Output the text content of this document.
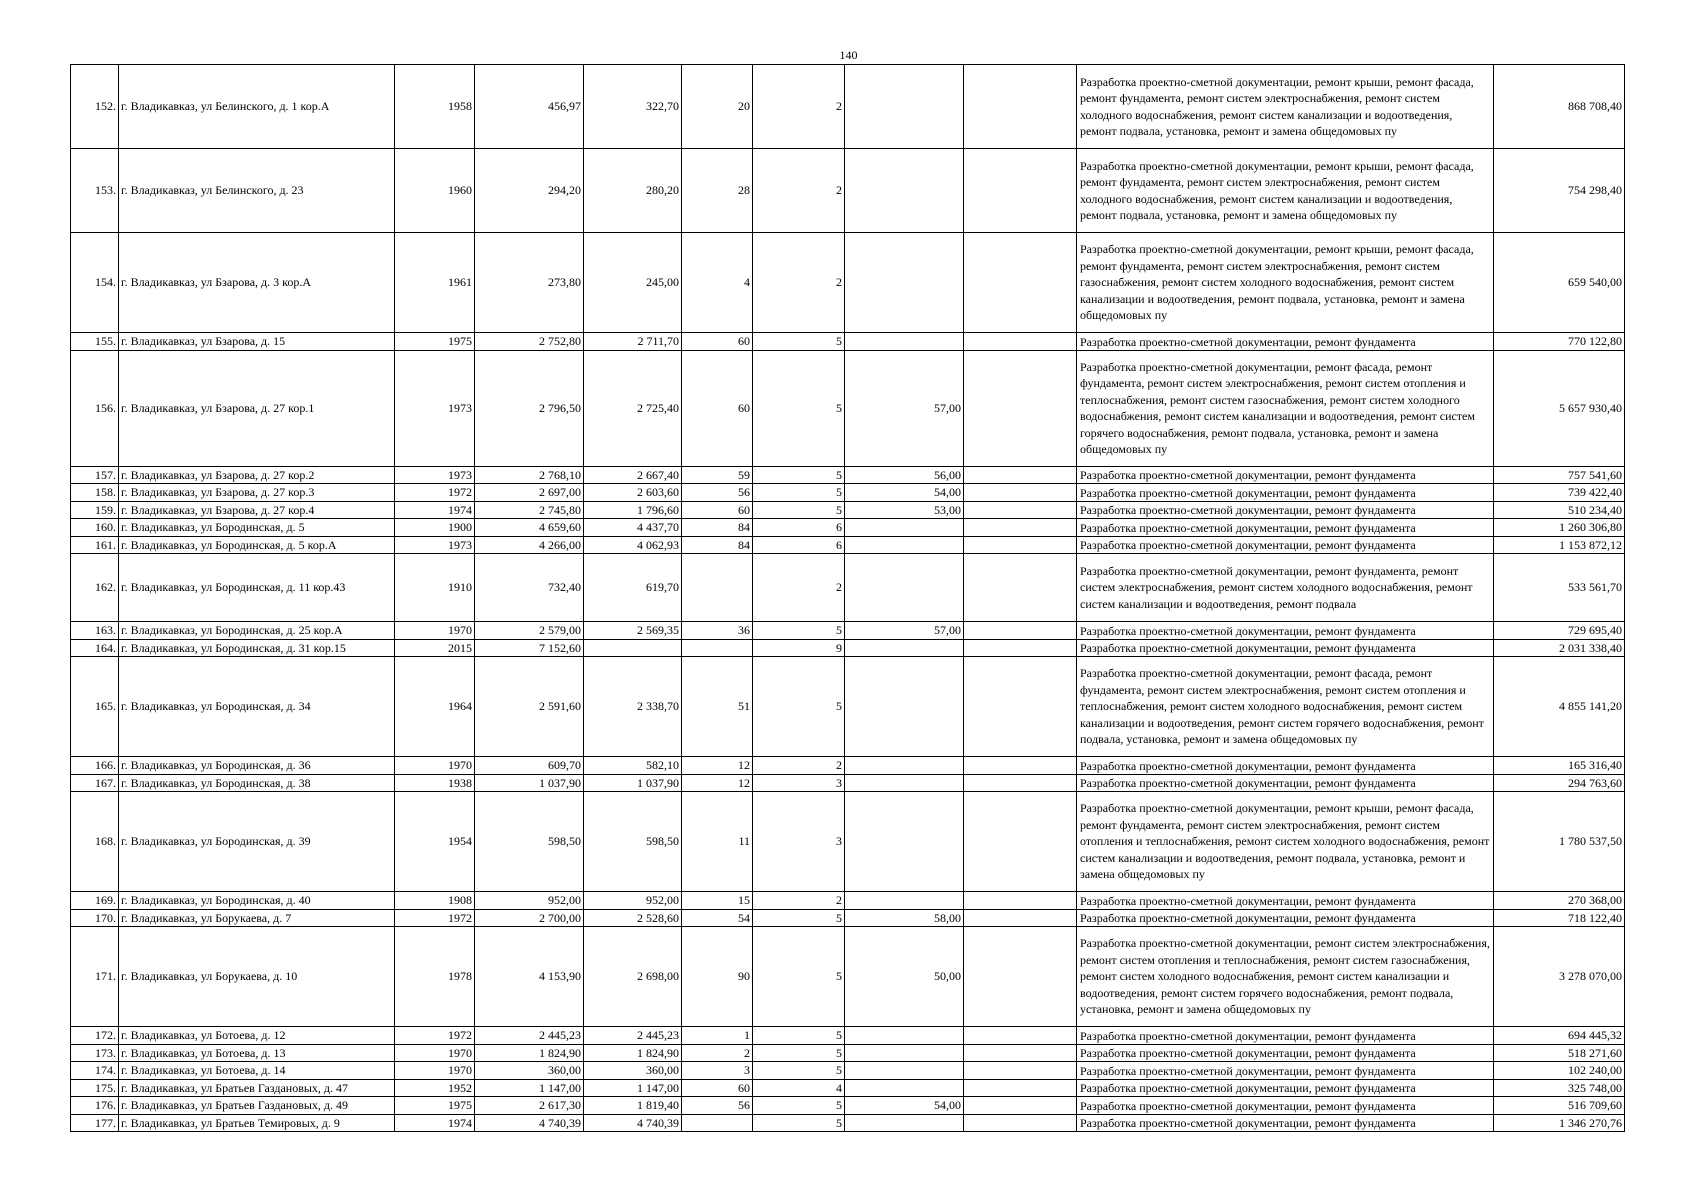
140
152.	г. Владикавказ, ул Белинского, д. 1 кор.А	1958	456,97	322,70	20	2			Разработка проектно-сметной документации, ремонт крыши, ремонт фасада, ремонт фундамента, ремонт систем электроснабжения, ремонт систем холодного водоснабжения, ремонт систем канализации и водоотведения, ремонт подвала, установка, ремонт и замена общедомовых пу	868 708,40
153.	г. Владикавказ, ул Белинского, д. 23	1960	294,20	280,20	28	2			Разработка проектно-сметной документации, ремонт крыши, ремонт фасада, ремонт фундамента, ремонт систем электроснабжения, ремонт систем холодного водоснабжения, ремонт систем канализации и водоотведения, ремонт подвала, установка, ремонт и замена общедомовых пу	754 298,40
154.	г. Владикавказ, ул Бзарова, д. 3 кор.А	1961	273,80	245,00	4	2			Разработка проектно-сметной документации, ремонт крыши, ремонт фасада, ремонт фундамента, ремонт систем электроснабжения, ремонт систем газоснабжения, ремонт систем холодного водоснабжения, ремонт систем канализации и водоотведения, ремонт подвала, установка, ремонт и замена общедомовых пу	659 540,00
155.	г. Владикавказ, ул Бзарова, д. 15	1975	2 752,80	2 711,70	60	5			Разработка проектно-сметной документации, ремонт фундамента	770 122,80
156.	г. Владикавказ, ул Бзарова, д. 27 кор.1	1973	2 796,50	2 725,40	60	5	57,00		Разработка проектно-сметной документации, ремонт фасада, ремонт фундамента, ремонт систем электроснабжения, ремонт систем отопления и теплоснабжения, ремонт систем газоснабжения, ремонт систем холодного водоснабжения, ремонт систем канализации и водоотведения, ремонт систем горячего водоснабжения, ремонт подвала, установка, ремонт и замена общедомовых пу	5 657 930,40
157.	г. Владикавказ, ул Бзарова, д. 27 кор.2	1973	2 768,10	2 667,40	59	5	56,00		Разработка проектно-сметной документации, ремонт фундамента	757 541,60
158.	г. Владикавказ, ул Бзарова, д. 27 кор.3	1972	2 697,00	2 603,60	56	5	54,00		Разработка проектно-сметной документации, ремонт фундамента	739 422,40
159.	г. Владикавказ, ул Бзарова, д. 27 кор.4	1974	2 745,80	1 796,60	60	5	53,00		Разработка проектно-сметной документации, ремонт фундамента	510 234,40
160.	г. Владикавказ, ул Бородинская, д. 5	1900	4 659,60	4 437,70	84	6			Разработка проектно-сметной документации, ремонт фундамента	1 260 306,80
161.	г. Владикавказ, ул Бородинская, д. 5 кор.А	1973	4 266,00	4 062,93	84	6			Разработка проектно-сметной документации, ремонт фундамента	1 153 872,12
162.	г. Владикавказ, ул Бородинская, д. 11 кор.43	1910	732,40	619,70		2			Разработка проектно-сметной документации, ремонт фундамента, ремонт систем электроснабжения, ремонт систем холодного водоснабжения, ремонт систем канализации и водоотведения, ремонт подвала	533 561,70
163.	г. Владикавказ, ул Бородинская, д. 25 кор.А	1970	2 579,00	2 569,35	36	5	57,00		Разработка проектно-сметной документации, ремонт фундамента	729 695,40
164.	г. Владикавказ, ул Бородинская, д. 31 кор.15	2015	7 152,60			9			Разработка проектно-сметной документации, ремонт фундамента	2 031 338,40
165.	г. Владикавказ, ул Бородинская, д. 34	1964	2 591,60	2 338,70	51	5			Разработка проектно-сметной документации, ремонт фасада, ремонт фундамента, ремонт систем электроснабжения, ремонт систем отопления и теплоснабжения, ремонт систем холодного водоснабжения, ремонт систем канализации и водоотведения, ремонт систем горячего водоснабжения, ремонт подвала, установка, ремонт и замена общедомовых пу	4 855 141,20
166.	г. Владикавказ, ул Бородинская, д. 36	1970	609,70	582,10	12	2			Разработка проектно-сметной документации, ремонт фундамента	165 316,40
167.	г. Владикавказ, ул Бородинская, д. 38	1938	1 037,90	1 037,90	12	3			Разработка проектно-сметной документации, ремонт фундамента	294 763,60
168.	г. Владикавказ, ул Бородинская, д. 39	1954	598,50	598,50	11	3			Разработка проектно-сметной документации, ремонт крыши, ремонт фасада, ремонт фундамента, ремонт систем электроснабжения, ремонт систем отопления и теплоснабжения, ремонт систем холодного водоснабжения, ремонт систем канализации и водоотведения, ремонт подвала, установка, ремонт и замена общедомовых пу	1 780 537,50
169.	г. Владикавказ, ул Бородинская, д. 40	1908	952,00	952,00	15	2			Разработка проектно-сметной документации, ремонт фундамента	270 368,00
170.	г. Владикавказ, ул Борукаева, д. 7	1972	2 700,00	2 528,60	54	5	58,00		Разработка проектно-сметной документации, ремонт фундамента	718 122,40
171.	г. Владикавказ, ул Борукаева, д. 10	1978	4 153,90	2 698,00	90	5	50,00		Разработка проектно-сметной документации, ремонт систем электроснабжения, ремонт систем отопления и теплоснабжения, ремонт систем газоснабжения, ремонт систем холодного водоснабжения, ремонт систем канализации и водоотведения, ремонт систем горячего водоснабжения, ремонт подвала, установка, ремонт и замена общедомовых пу	3 278 070,00
172.	г. Владикавказ, ул Ботоева, д. 12	1972	2 445,23	2 445,23	1	5			Разработка проектно-сметной документации, ремонт фундамента	694 445,32
173.	г. Владикавказ, ул Ботоева, д. 13	1970	1 824,90	1 824,90	2	5			Разработка проектно-сметной документации, ремонт фундамента	518 271,60
174.	г. Владикавказ, ул Ботоева, д. 14	1970	360,00	360,00	3	5			Разработка проектно-сметной документации, ремонт фундамента	102 240,00
175.	г. Владикавказ, ул Братьев Газдановых, д. 47	1952	1 147,00	1 147,00	60	4			Разработка проектно-сметной документации, ремонт фундамента	325 748,00
176.	г. Владикавказ, ул Братьев Газдановых, д. 49	1975	2 617,30	1 819,40	56	5	54,00		Разработка проектно-сметной документации, ремонт фундамента	516 709,60
177.	г. Владикавказ, ул Братьев Темировых, д. 9	1974	4 740,39	4 740,39		5			Разработка проектно-сметной документации, ремонт фундамента	1 346 270,76
